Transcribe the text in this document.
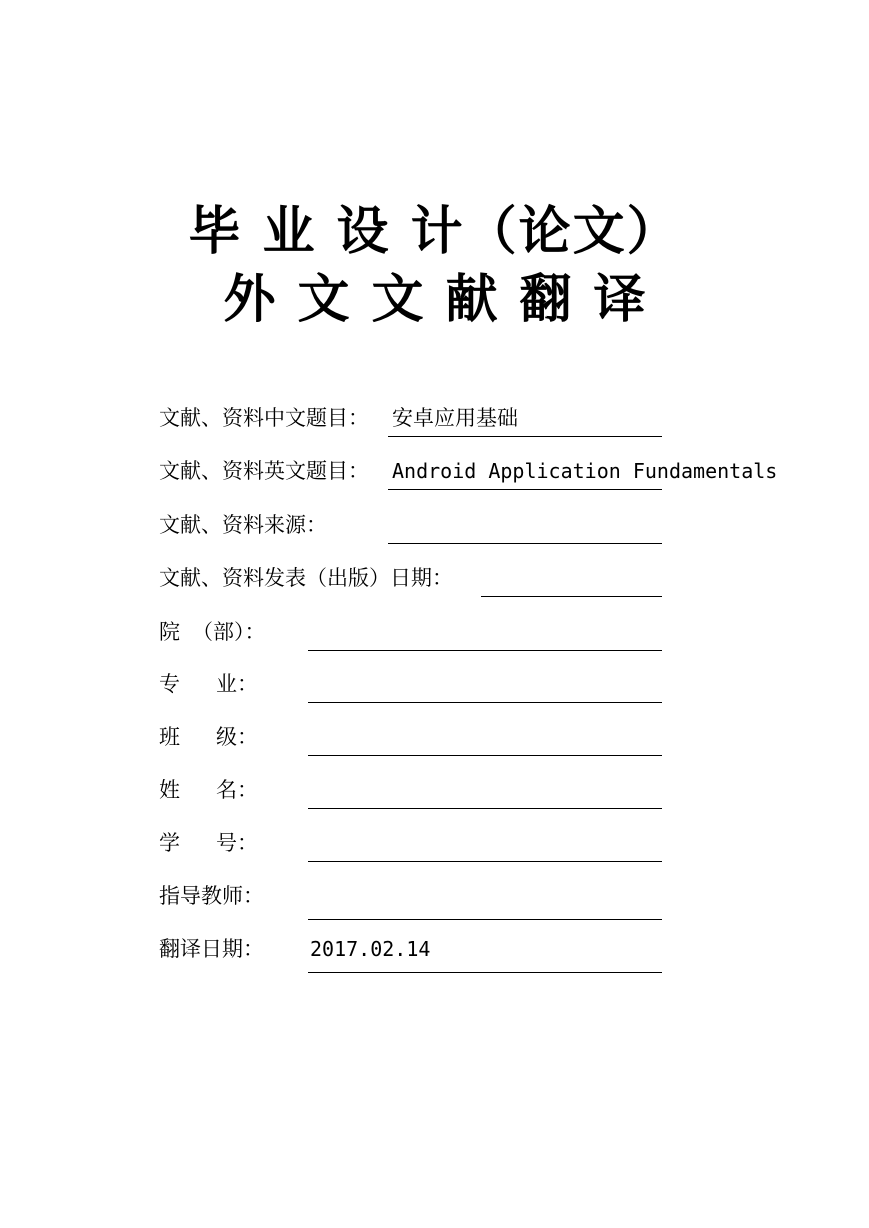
毕 业 设 计（论文）
外文文献翻译
文献、资料中文题目： 安卓应用基础
文献、资料英文题目： Android Application Fundamentals
文献、资料来源：
文献、资料发表（出版）日期：
院 （部）：
专 业：
班 级：
姓 名：
学 号：
指导教师：
翻译日期： 2017.02.14
